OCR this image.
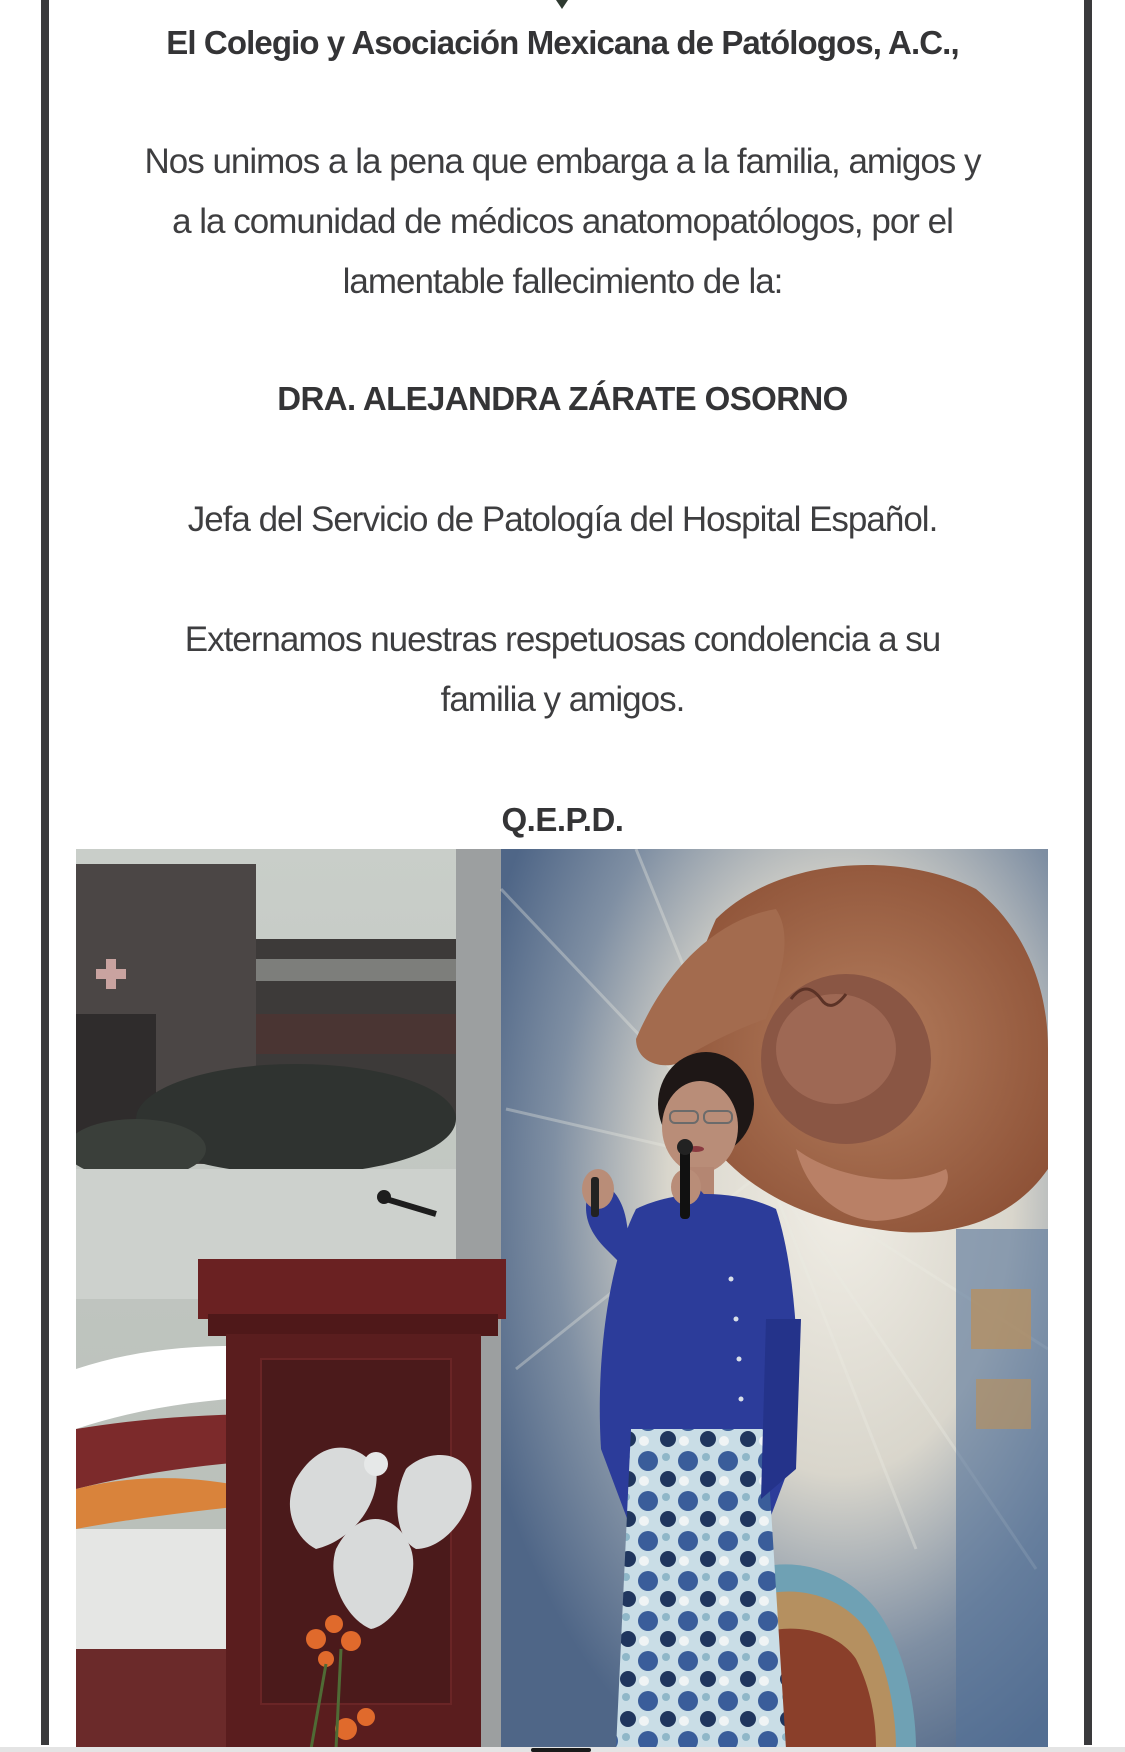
El Colegio y Asociación Mexicana de Patólogos, A.C.,
Nos unimos a la pena que embarga a la familia, amigos y
a la comunidad de médicos anatomopatólogos, por el
lamentable fallecimiento de la:
DRA. ALEJANDRA ZÁRATE OSORNO
Jefa del Servicio de Patología del Hospital Español.
Externamos nuestras respetuosas condolencia a su
familia y amigos.
Q.E.P.D.
